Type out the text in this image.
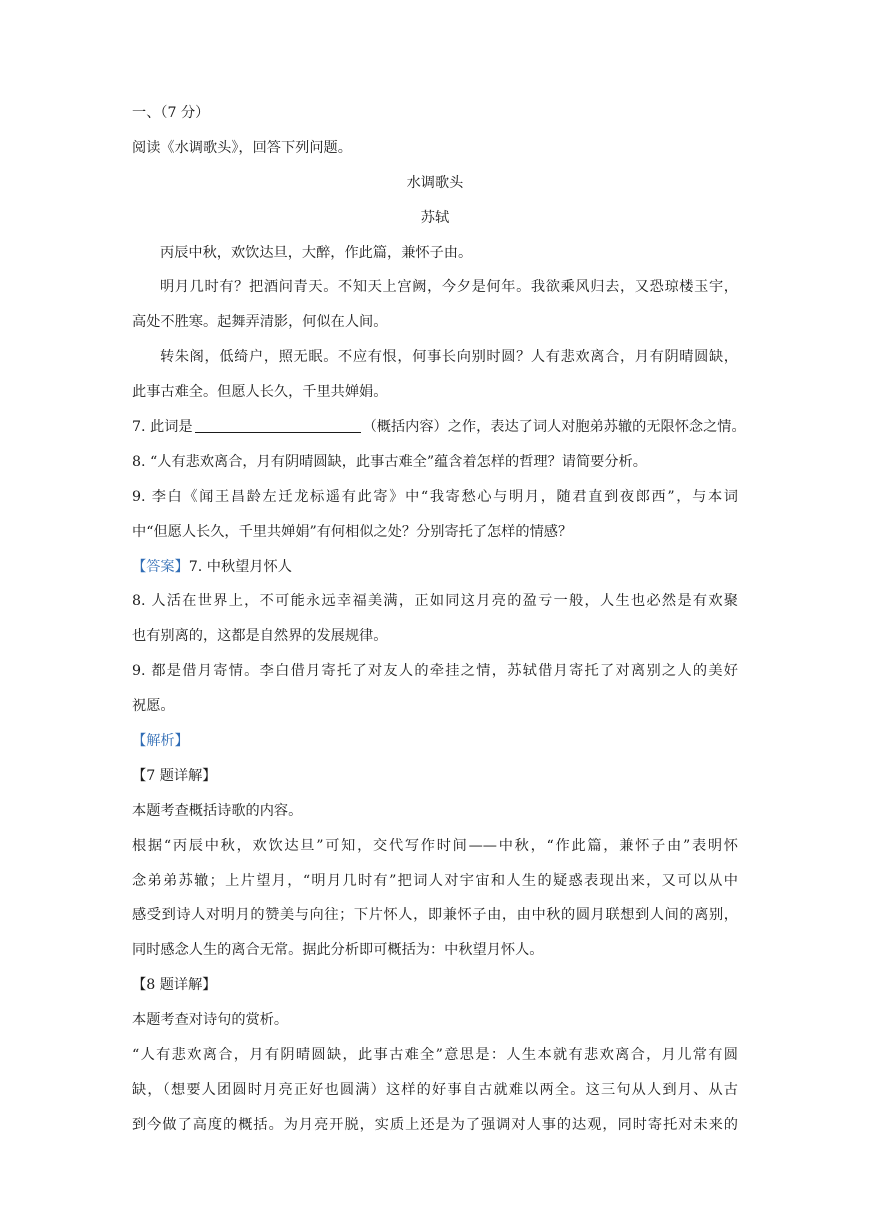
一、（7 分）
阅读《水调歌头》，回答下列问题。
水调歌头
苏轼
丙辰中秋，欢饮达旦，大醉，作此篇，兼怀子由。
明月几时有？把酒问青天。不知天上宫阙，今夕是何年。我欲乘风归去，又恐琼楼玉宇，
高处不胜寒。起舞弄清影，何似在人间。
转朱阁，低绮户，照无眠。不应有恨，何事长向别时圆？人有悲欢离合，月有阴晴圆缺，
此事古难全。但愿人长久，千里共婵娟。
7. 此词是	（概括内容）之作，表达了词人对胞弟苏辙的无限怀念之情。
8. “人有悲欢离合，月有阴晴圆缺，此事古难全”蕴含着怎样的哲理？请简要分析。
9. 李白《闻王昌龄左迁龙标遥有此寄》中“我寄愁心与明月，随君直到夜郎西”，与本词
中“但愿人长久，千里共婵娟”有何相似之处？分别寄托了怎样的情感？
【答案】7. 中秋望月怀人
8. 人活在世界上，不可能永远幸福美满，正如同这月亮的盈亏一般，人生也必然是有欢聚
也有别离的，这都是自然界的发展规律。
9. 都是借月寄情。李白借月寄托了对友人的牵挂之情，苏轼借月寄托了对离别之人的美好
祝愿。
【解析】
【7 题详解】
本题考查概括诗歌的内容。
根据“丙辰中秋，欢饮达旦”可知，交代写作时间——中秋，“作此篇，兼怀子由”表明怀
念弟弟苏辙；上片望月，“明月几时有”把词人对宇宙和人生的疑惑表现出来，又可以从中
感受到诗人对明月的赞美与向往；下片怀人，即兼怀子由，由中秋的圆月联想到人间的离别，
同时感念人生的离合无常。据此分析即可概括为：中秋望月怀人。
【8 题详解】
本题考查对诗句的赏析。
“人有悲欢离合，月有阴晴圆缺，此事古难全”意思是：人生本就有悲欢离合，月儿常有圆
缺，（想要人团圆时月亮正好也圆满）这样的好事自古就难以两全。这三句从人到月、从古
到今做了高度的概括。为月亮开脱，实质上还是为了强调对人事的达观，同时寄托对未来的
